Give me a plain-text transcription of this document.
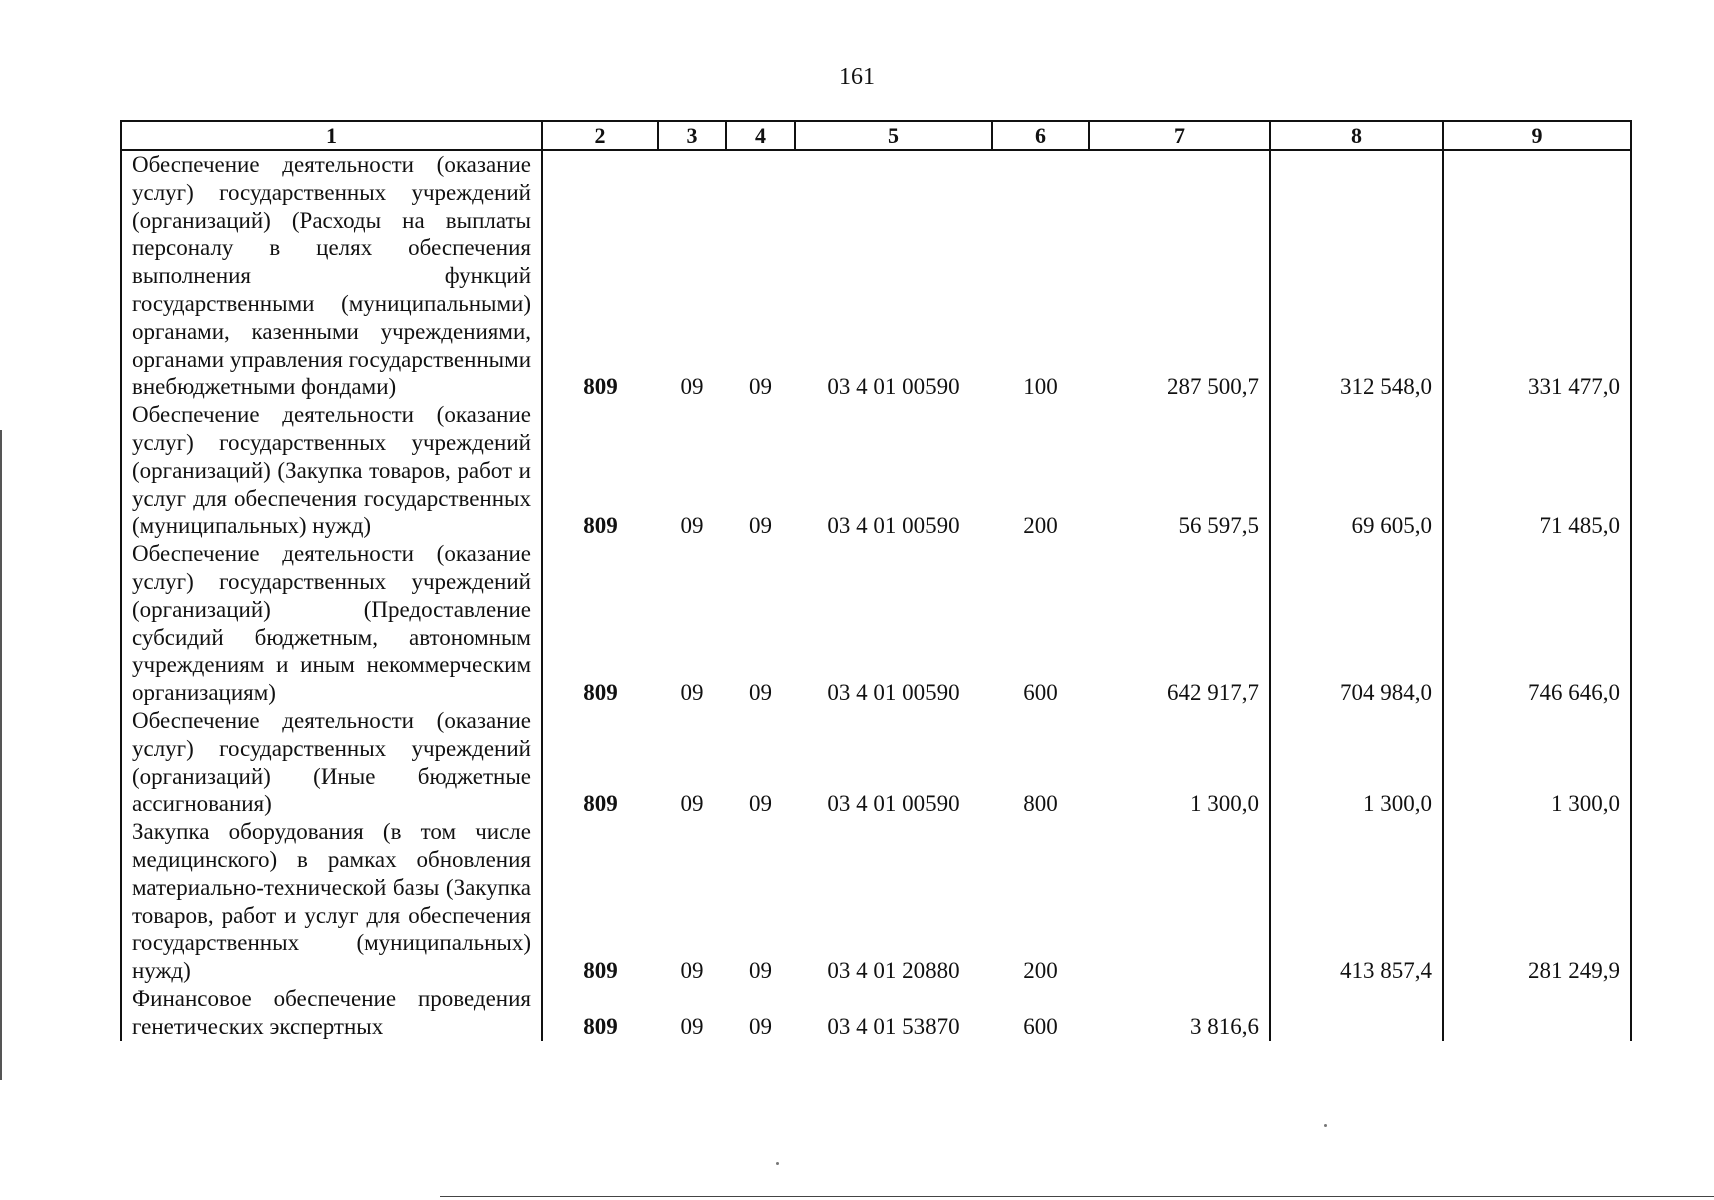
161
1	2	3	4	5	6	7	8	9
Обеспечение деятельности (оказание услуг) государственных учреждений (организаций) (Расходы на выплаты персоналу в целях обеспечения выполнения функций государственными (муниципальными) органами, казенными учреждениями, органами управления государственными внебюджетными фондами)	809	09	09	03 4 01 00590	100	287 500,7	312 548,0	331 477,0
Обеспечение деятельности (оказание услуг) государственных учреждений (организаций) (Закупка товаров, работ и услуг для обеспечения государственных (муниципальных) нужд)	809	09	09	03 4 01 00590	200	56 597,5	69 605,0	71 485,0
Обеспечение деятельности (оказание услуг) государственных учреждений (организаций) (Предоставление субсидий бюджетным, автономным учреждениям и иным некоммерческим организациям)	809	09	09	03 4 01 00590	600	642 917,7	704 984,0	746 646,0
Обеспечение деятельности (оказание услуг) государственных учреждений (организаций) (Иные бюджетные ассигнования)	809	09	09	03 4 01 00590	800	1 300,0	1 300,0	1 300,0
Закупка оборудования (в том числе медицинского) в рамках обновления материально-технической базы (Закупка товаров, работ и услуг для обеспечения государственных (муниципальных) нужд)	809	09	09	03 4 01 20880	200		413 857,4	281 249,9
Финансовое обеспечение проведения генетических экспертных	809	09	09	03 4 01 53870	600	3 816,6		
